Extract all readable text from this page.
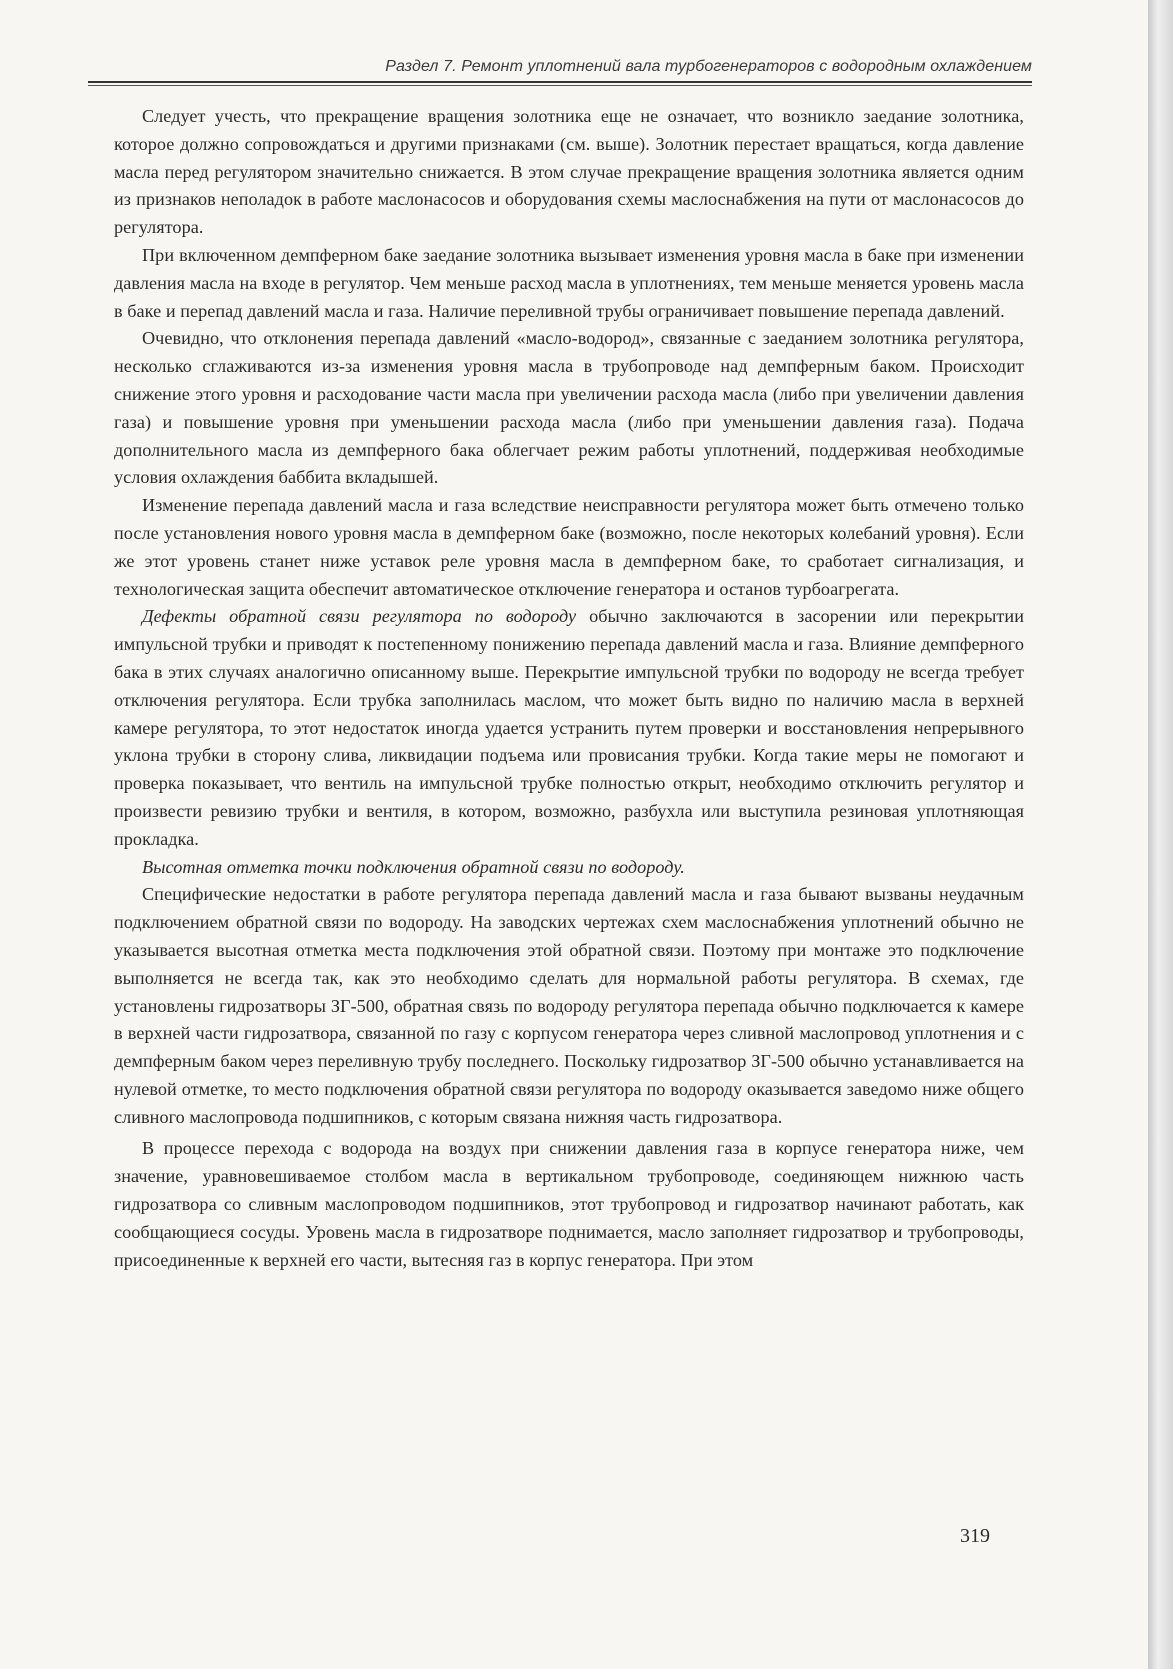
Раздел 7. Ремонт уплотнений вала турбогенераторов с водородным охлаждением

Следует учесть, что прекращение вращения золотника еще не означает, что возникло заедание золотника, которое должно сопровождаться и другими признаками (см. выше). Золотник перестает вращаться, когда давление масла перед регулятором значительно снижается. В этом случае прекращение вращения золотника является одним из признаков неполадок в работе маслонасосов и оборудования схемы маслоснабжения на пути от маслонасосов до регулятора.

При включенном демпферном баке заедание золотника вызывает изменения уровня масла в баке при изменении давления масла на входе в регулятор. Чем меньше расход масла в уплотнениях, тем меньше меняется уровень масла в баке и перепад давлений масла и газа. Наличие переливной трубы ограничивает повышение перепада давлений.

Очевидно, что отклонения перепада давлений «масло-водород», связанные с заеданием золотника регулятора, несколько сглаживаются из-за изменения уровня масла в трубопроводе над демпферным баком. Происходит снижение этого уровня и расходование части масла при увеличении расхода масла (либо при увеличении давления газа) и повышение уровня при уменьшении расхода масла (либо при уменьшении давления газа). Подача дополнительного масла из демпферного бака облегчает режим работы уплотнений, поддерживая необходимые условия охлаждения баббита вкладышей.

Изменение перепада давлений масла и газа вследствие неисправности регулятора может быть отмечено только после установления нового уровня масла в демпферном баке (возможно, после некоторых колебаний уровня). Если же этот уровень станет ниже уставок реле уровня масла в демпферном баке, то сработает сигнализация, и технологическая защита обеспечит автоматическое отключение генератора и останов турбоагрегата.

Дефекты обратной связи регулятора по водороду обычно заключаются в засорении или перекрытии импульсной трубки и приводят к постепенному понижению перепада давлений масла и газа. Влияние демпферного бака в этих случаях аналогично описанному выше. Перекрытие импульсной трубки по водороду не всегда требует отключения регулятора. Если трубка заполнилась маслом, что может быть видно по наличию масла в верхней камере регулятора, то этот недостаток иногда удается устранить путем проверки и восстановления непрерывного уклона трубки в сторону слива, ликвидации подъема или провисания трубки. Когда такие меры не помогают и проверка показывает, что вентиль на импульсной трубке полностью открыт, необходимо отключить регулятор и произвести ревизию трубки и вентиля, в котором, возможно, разбухла или выступила резиновая уплотняющая прокладка.

Высотная отметка точки подключения обратной связи по водороду.

Специфические недостатки в работе регулятора перепада давлений масла и газа бывают вызваны неудачным подключением обратной связи по водороду. На заводских чертежах схем маслоснабжения уплотнений обычно не указывается высотная отметка места подключения этой обратной связи. Поэтому при монтаже это подключение выполняется не всегда так, как это необходимо сделать для нормальной работы регулятора. В схемах, где установлены гидрозатворы ЗГ-500, обратная связь по водороду регулятора перепада обычно подключается к камере в верхней части гидрозатвора, связанной по газу с корпусом генератора через сливной маслопровод уплотнения и с демпферным баком через переливную трубу последнего. Поскольку гидрозатвор ЗГ-500 обычно устанавливается на нулевой отметке, то место подключения обратной связи регулятора по водороду оказывается заведомо ниже общего сливного маслопровода подшипников, с которым связана нижняя часть гидрозатвора.

В процессе перехода с водорода на воздух при снижении давления газа в корпусе генератора ниже, чем значение, уравновешиваемое столбом масла в вертикальном трубопроводе, соединяющем нижнюю часть гидрозатвора со сливным маслопроводом подшипников, этот трубопровод и гидрозатвор начинают работать, как сообщающиеся сосуды. Уровень масла в гидрозатворе поднимается, масло заполняет гидрозатвор и трубопроводы, присоединенные к верхней его части, вытесняя газ в корпус генератора. При этом

319
